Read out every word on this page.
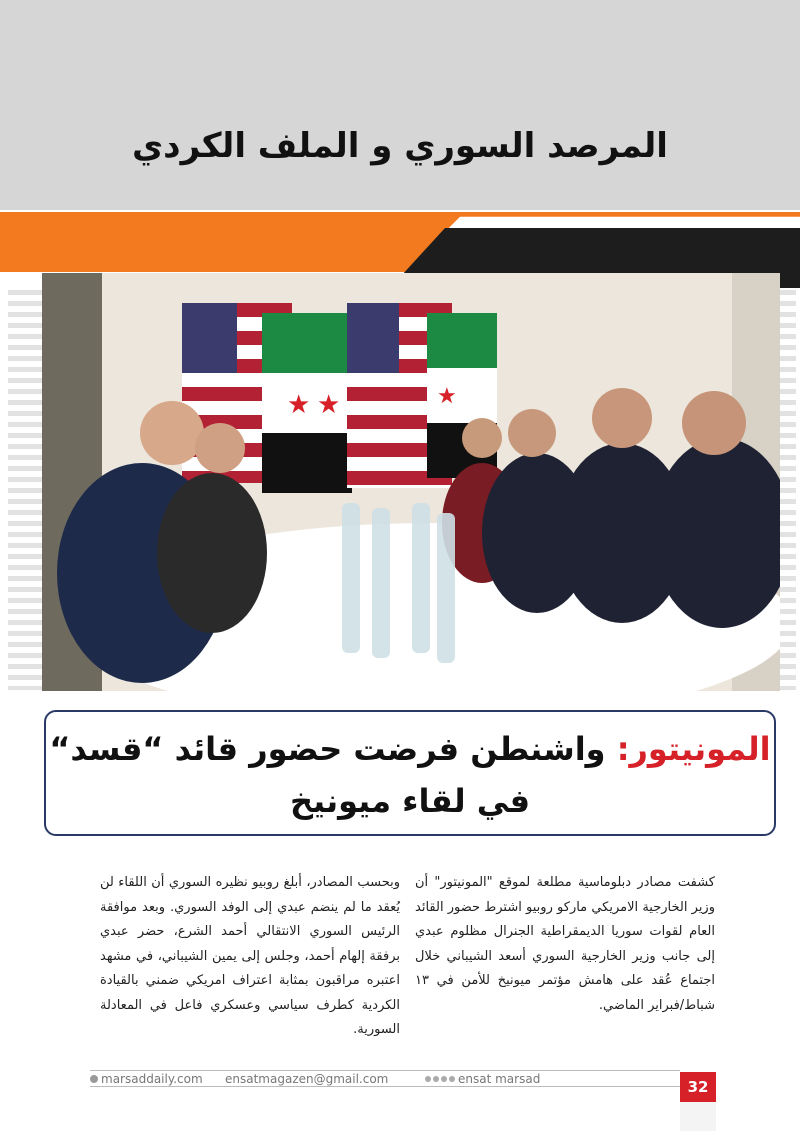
المرصد السوري و الملف الكردي
★ ★	★
المونيتور: واشنطن فرضت حضور قائد “قسد“
في لقاء ميونيخ

كشفت مصادر دبلوماسية مطلعة لموقع "المونيتور" أن وزير الخارجية الامريكي ماركو روبيو اشترط حضور القائد العام لقوات سوريا الديمقراطية الجنرال مظلوم عبدي إلى جانب وزير الخارجية السوري أسعد الشيباني خلال اجتماع عُقد على هامش مؤتمر ميونيخ للأمن في ١٣ شباط/فبراير الماضي.

وبحسب المصادر، أبلغ روبيو نظيره السوري أن اللقاء لن يُعقد ما لم ينضم عبدي إلى الوفد السوري. وبعد موافقة الرئيس السوري الانتقالي أحمد الشرع، حضر عبدي برفقة إلهام أحمد، وجلس إلى يمين الشيباني، في مشهد اعتبره مراقبون بمثابة اعتراف امريكي ضمني بالقيادة الكردية كطرف سياسي وعسكري فاعل في المعادلة السورية.

marsaddaily.com ensatmagazen@gmail.com	ensat marsad	32
